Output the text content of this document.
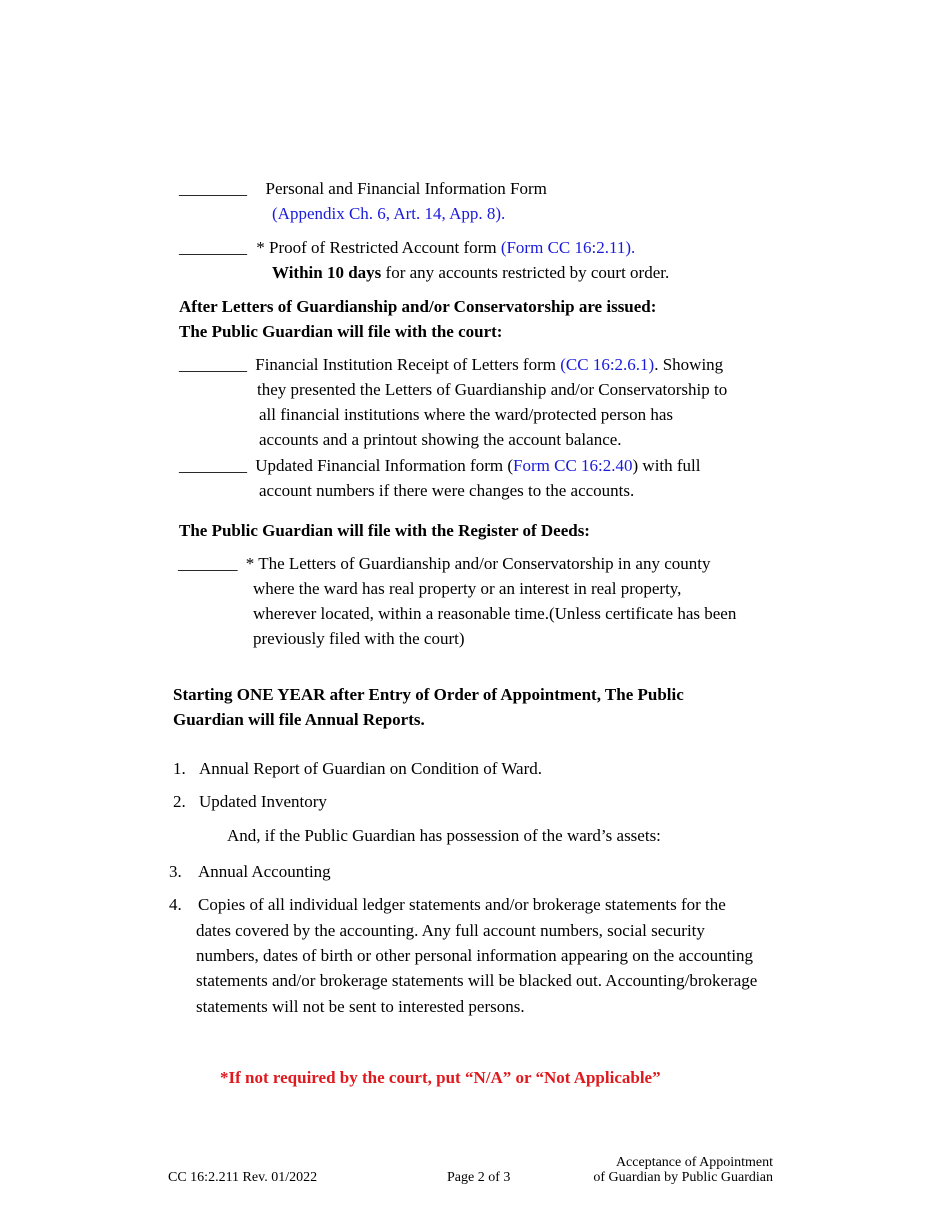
________ Personal and Financial Information Form
(Appendix Ch. 6, Art. 14, App. 8).
________ * Proof of Restricted Account form (Form CC 16:2.11).
Within 10 days for any accounts restricted by court order.
After Letters of Guardianship and/or Conservatorship are issued:
The Public Guardian will file with the court:
________ Financial Institution Receipt of Letters form (CC 16:2.6.1). Showing
they presented the Letters of Guardianship and/or Conservatorship to
all financial institutions where the ward/protected person has
accounts and a printout showing the account balance.
________ Updated Financial Information form (Form CC 16:2.40) with full
account numbers if there were changes to the accounts.
The Public Guardian will file with the Register of Deeds:
_______ * The Letters of Guardianship and/or Conservatorship in any county
where the ward has real property or an interest in real property,
wherever located, within a reasonable time.(Unless certificate has been
previously filed with the court)
Starting ONE YEAR after Entry of Order of Appointment, The Public
Guardian will file Annual Reports.
1. Annual Report of Guardian on Condition of Ward.
2. Updated Inventory
And, if the Public Guardian has possession of the ward’s assets:
3. Annual Accounting
4. Copies of all individual ledger statements and/or brokerage statements for the
dates covered by the accounting. Any full account numbers, social security
numbers, dates of birth or other personal information appearing on the accounting
statements and/or brokerage statements will be blacked out. Accounting/brokerage
statements will not be sent to interested persons.
*If not required by the court, put “N/A” or “Not Applicable”
CC 16:2.211 Rev. 01/2022	Page 2 of 3
Acceptance of Appointment
of Guardian by Public Guardian
